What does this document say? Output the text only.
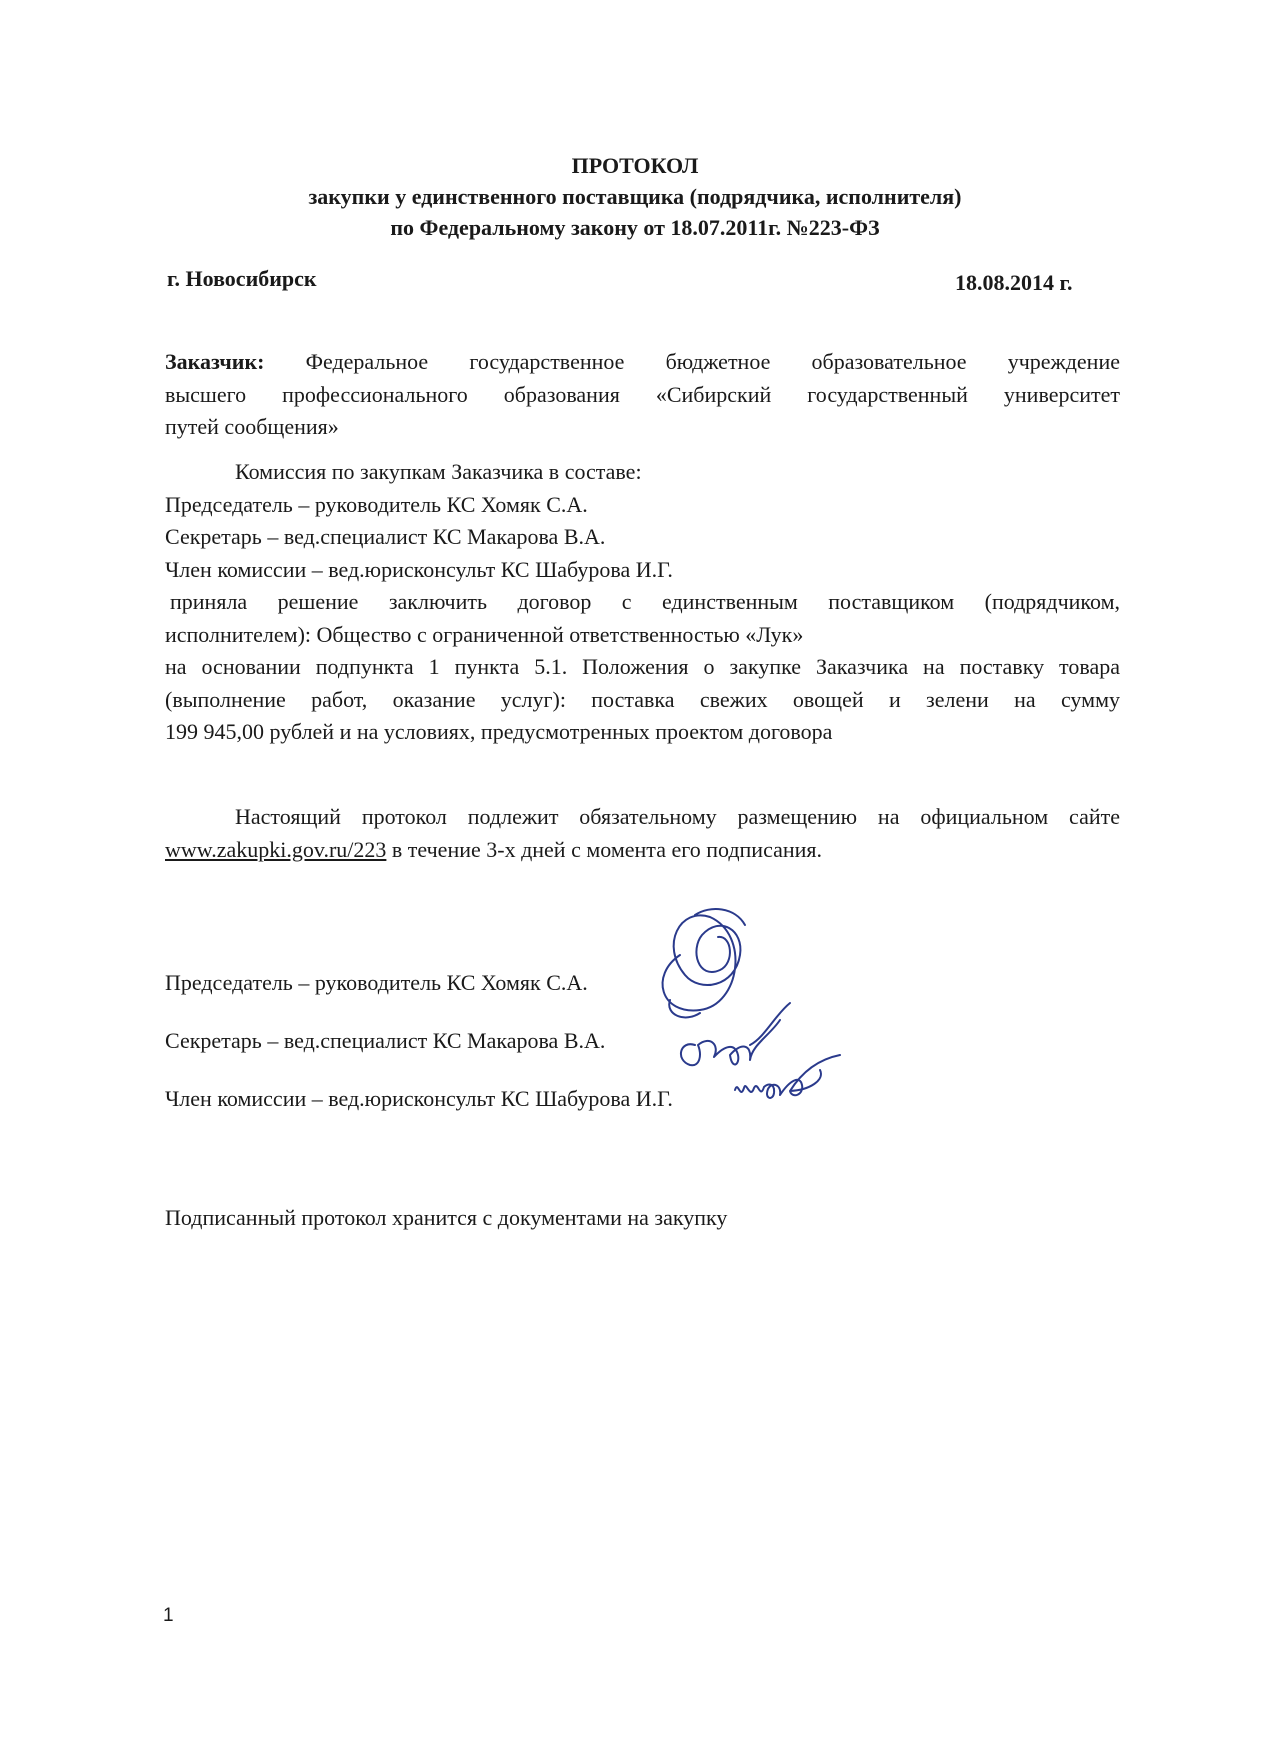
ПРОТОКОЛ
закупки у единственного поставщика (подрядчика, исполнителя)
по Федеральному закону от 18.07.2011г. №223-ФЗ
г. Новосибирск	18.08.2014 г.
Заказчик: Федеральное государственное бюджетное образовательное учреждение
высшего профессионального образования «Сибирский государственный университет
путей сообщения»
Комиссия по закупкам Заказчика в составе:
Председатель – руководитель КС Хомяк С.А.
Секретарь – вед.специалист КС Макарова В.А.
Член комиссии – вед.юрисконсульт КС Шабурова И.Г.
приняла решение заключить договор с единственным поставщиком (подрядчиком,
исполнителем): Общество с ограниченной ответственностью «Лук»
на основании подпункта 1 пункта 5.1. Положения о закупке Заказчика на поставку товара
(выполнение работ, оказание услуг): поставка свежих овощей и зелени на сумму
199 945,00 рублей и на условиях, предусмотренных проектом договора
Настоящий протокол подлежит обязательному размещению на официальном сайте
www.zakupki.gov.ru/223 в течение 3-х дней с момента его подписания.
Председатель – руководитель КС Хомяк С.А.
Секретарь – вед.специалист КС Макарова В.А.
Член комиссии – вед.юрисконсульт КС Шабурова И.Г.
Подписанный протокол хранится с документами на закупку
1
